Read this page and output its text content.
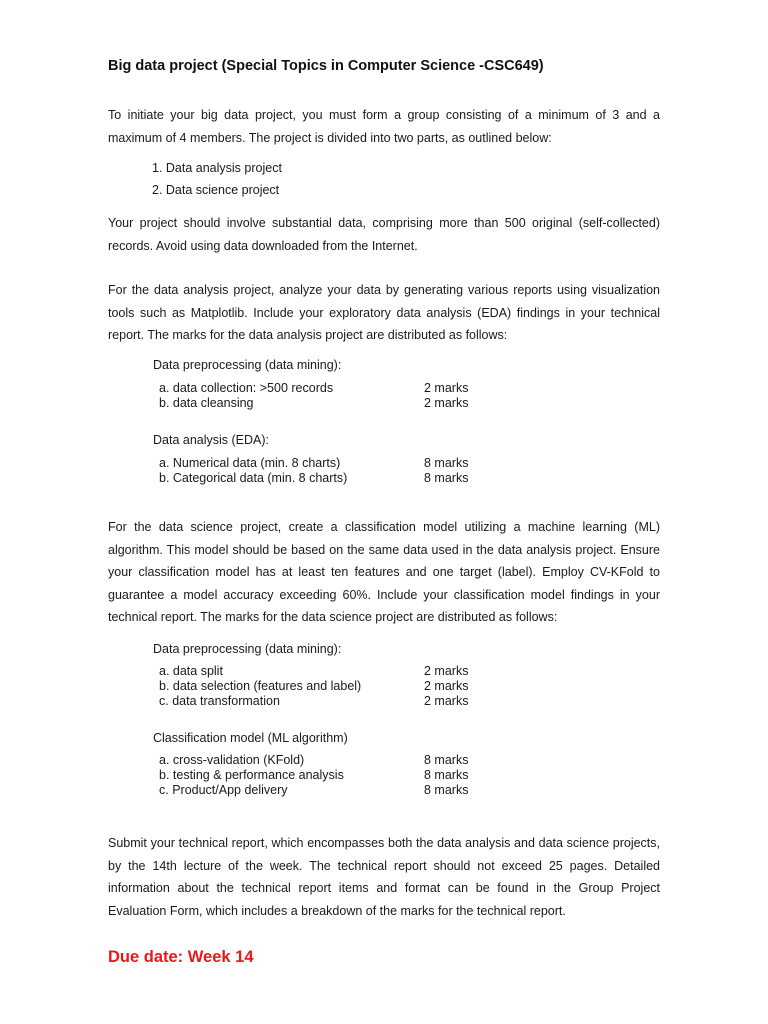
Big data project (Special Topics in Computer Science -CSC649)
To initiate your big data project, you must form a group consisting of a minimum of 3 and a maximum of 4 members. The project is divided into two parts, as outlined below:
1. Data analysis project
2. Data science project
Your project should involve substantial data, comprising more than 500 original (self-collected) records. Avoid using data downloaded from the Internet.
For the data analysis project, analyze your data by generating various reports using visualization tools such as Matplotlib. Include your exploratory data analysis (EDA) findings in your technical report. The marks for the data analysis project are distributed as follows:
Data preprocessing (data mining):
a. data collection: >500 records	2 marks
b. data cleansing	2 marks
Data analysis (EDA):
a. Numerical data (min. 8 charts)	8 marks
b. Categorical data (min. 8 charts)	8 marks
For the data science project, create a classification model utilizing a machine learning (ML) algorithm. This model should be based on the same data used in the data analysis project. Ensure your classification model has at least ten features and one target (label). Employ CV-KFold to guarantee a model accuracy exceeding 60%. Include your classification model findings in your technical report. The marks for the data science project are distributed as follows:
Data preprocessing (data mining):
a. data split	2 marks
b. data selection (features and label)	2 marks
c. data transformation	2 marks
Classification model (ML algorithm)
a. cross-validation (KFold)	8 marks
b. testing & performance analysis	8 marks
c. Product/App delivery	8 marks
Submit your technical report, which encompasses both the data analysis and data science projects, by the 14th lecture of the week. The technical report should not exceed 25 pages. Detailed information about the technical report items and format can be found in the Group Project Evaluation Form, which includes a breakdown of the marks for the technical report.
Due date: Week 14
